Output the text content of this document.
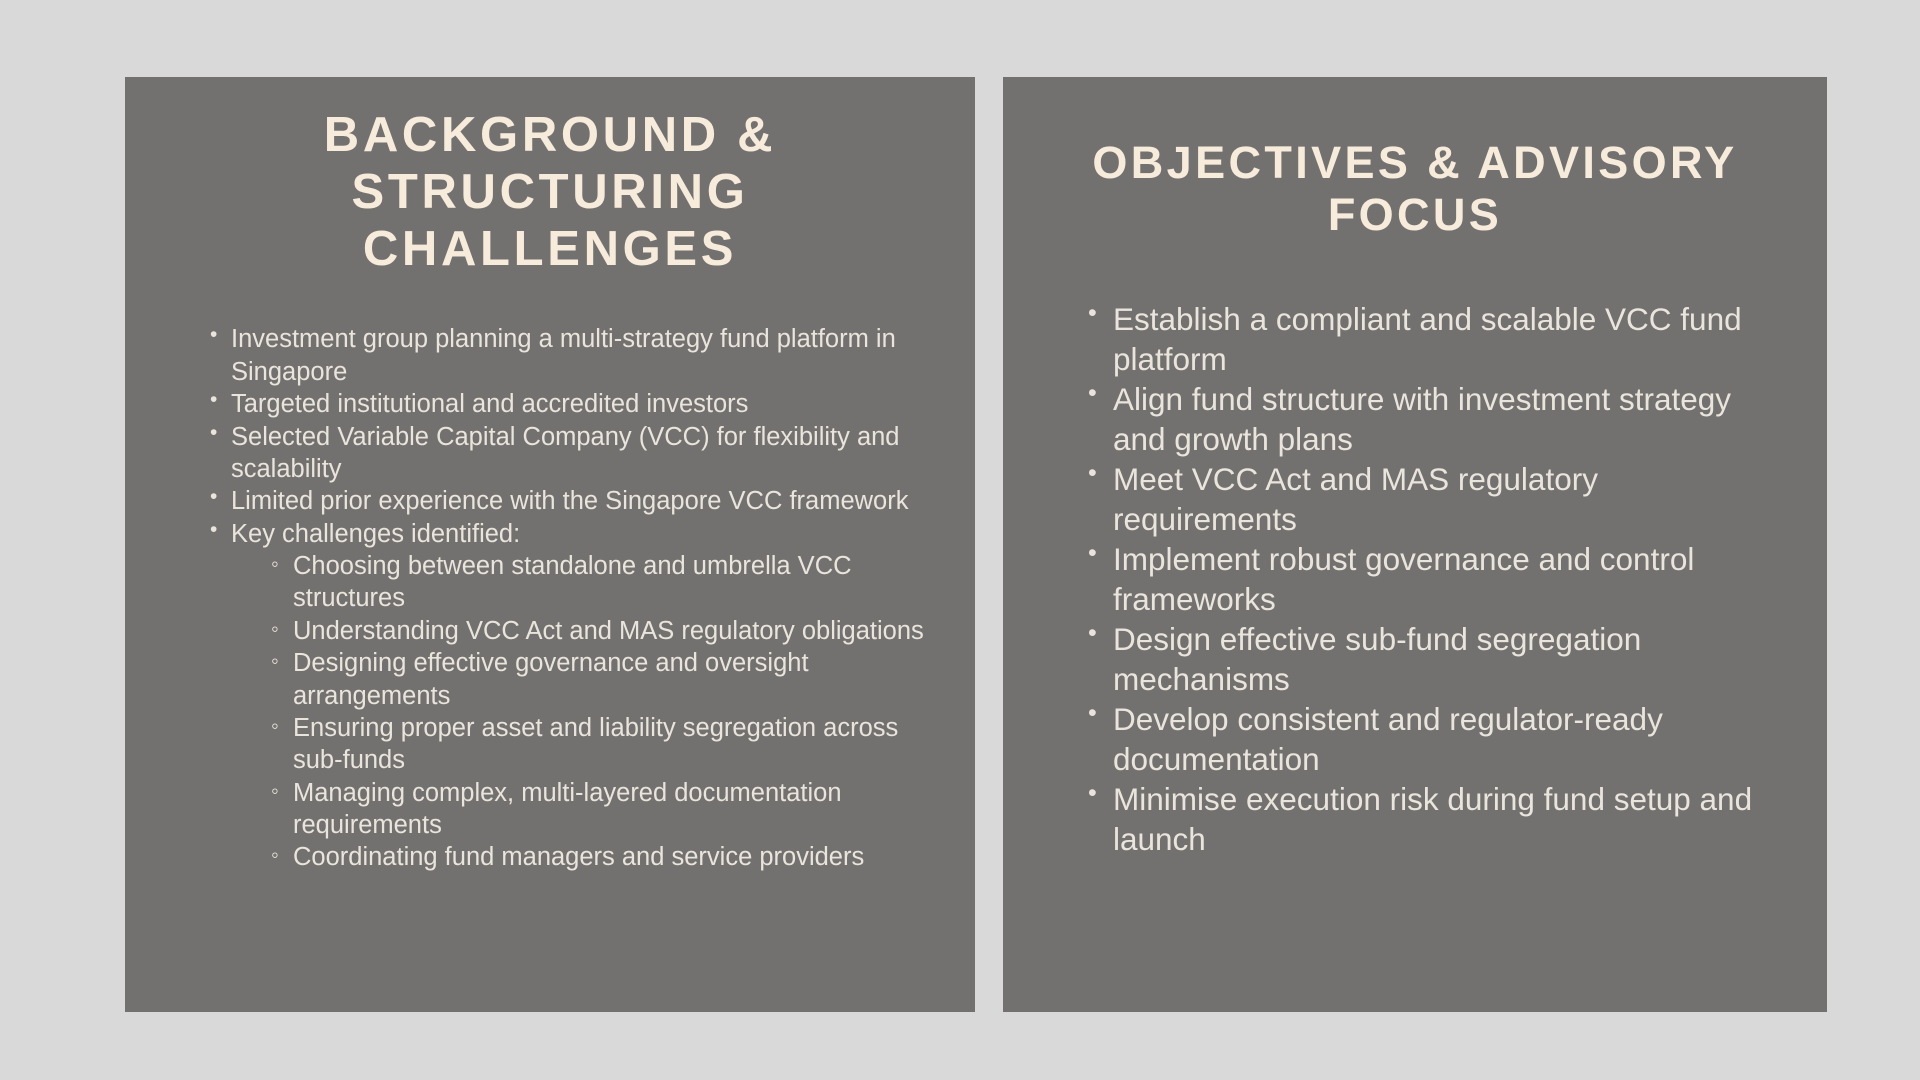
BACKGROUND & STRUCTURING CHALLENGES
• Investment group planning a multi-strategy fund platform in Singapore
• Targeted institutional and accredited investors
• Selected Variable Capital Company (VCC) for flexibility and scalability
• Limited prior experience with the Singapore VCC framework
• Key challenges identified:
◦ Choosing between standalone and umbrella VCC structures
◦ Understanding VCC Act and MAS regulatory obligations
◦ Designing effective governance and oversight arrangements
◦ Ensuring proper asset and liability segregation across sub-funds
◦ Managing complex, multi-layered documentation requirements
◦ Coordinating fund managers and service providers
OBJECTIVES & ADVISORY FOCUS
• Establish a compliant and scalable VCC fund platform
• Align fund structure with investment strategy and growth plans
• Meet VCC Act and MAS regulatory requirements
• Implement robust governance and control frameworks
• Design effective sub-fund segregation mechanisms
• Develop consistent and regulator-ready documentation
• Minimise execution risk during fund setup and launch
